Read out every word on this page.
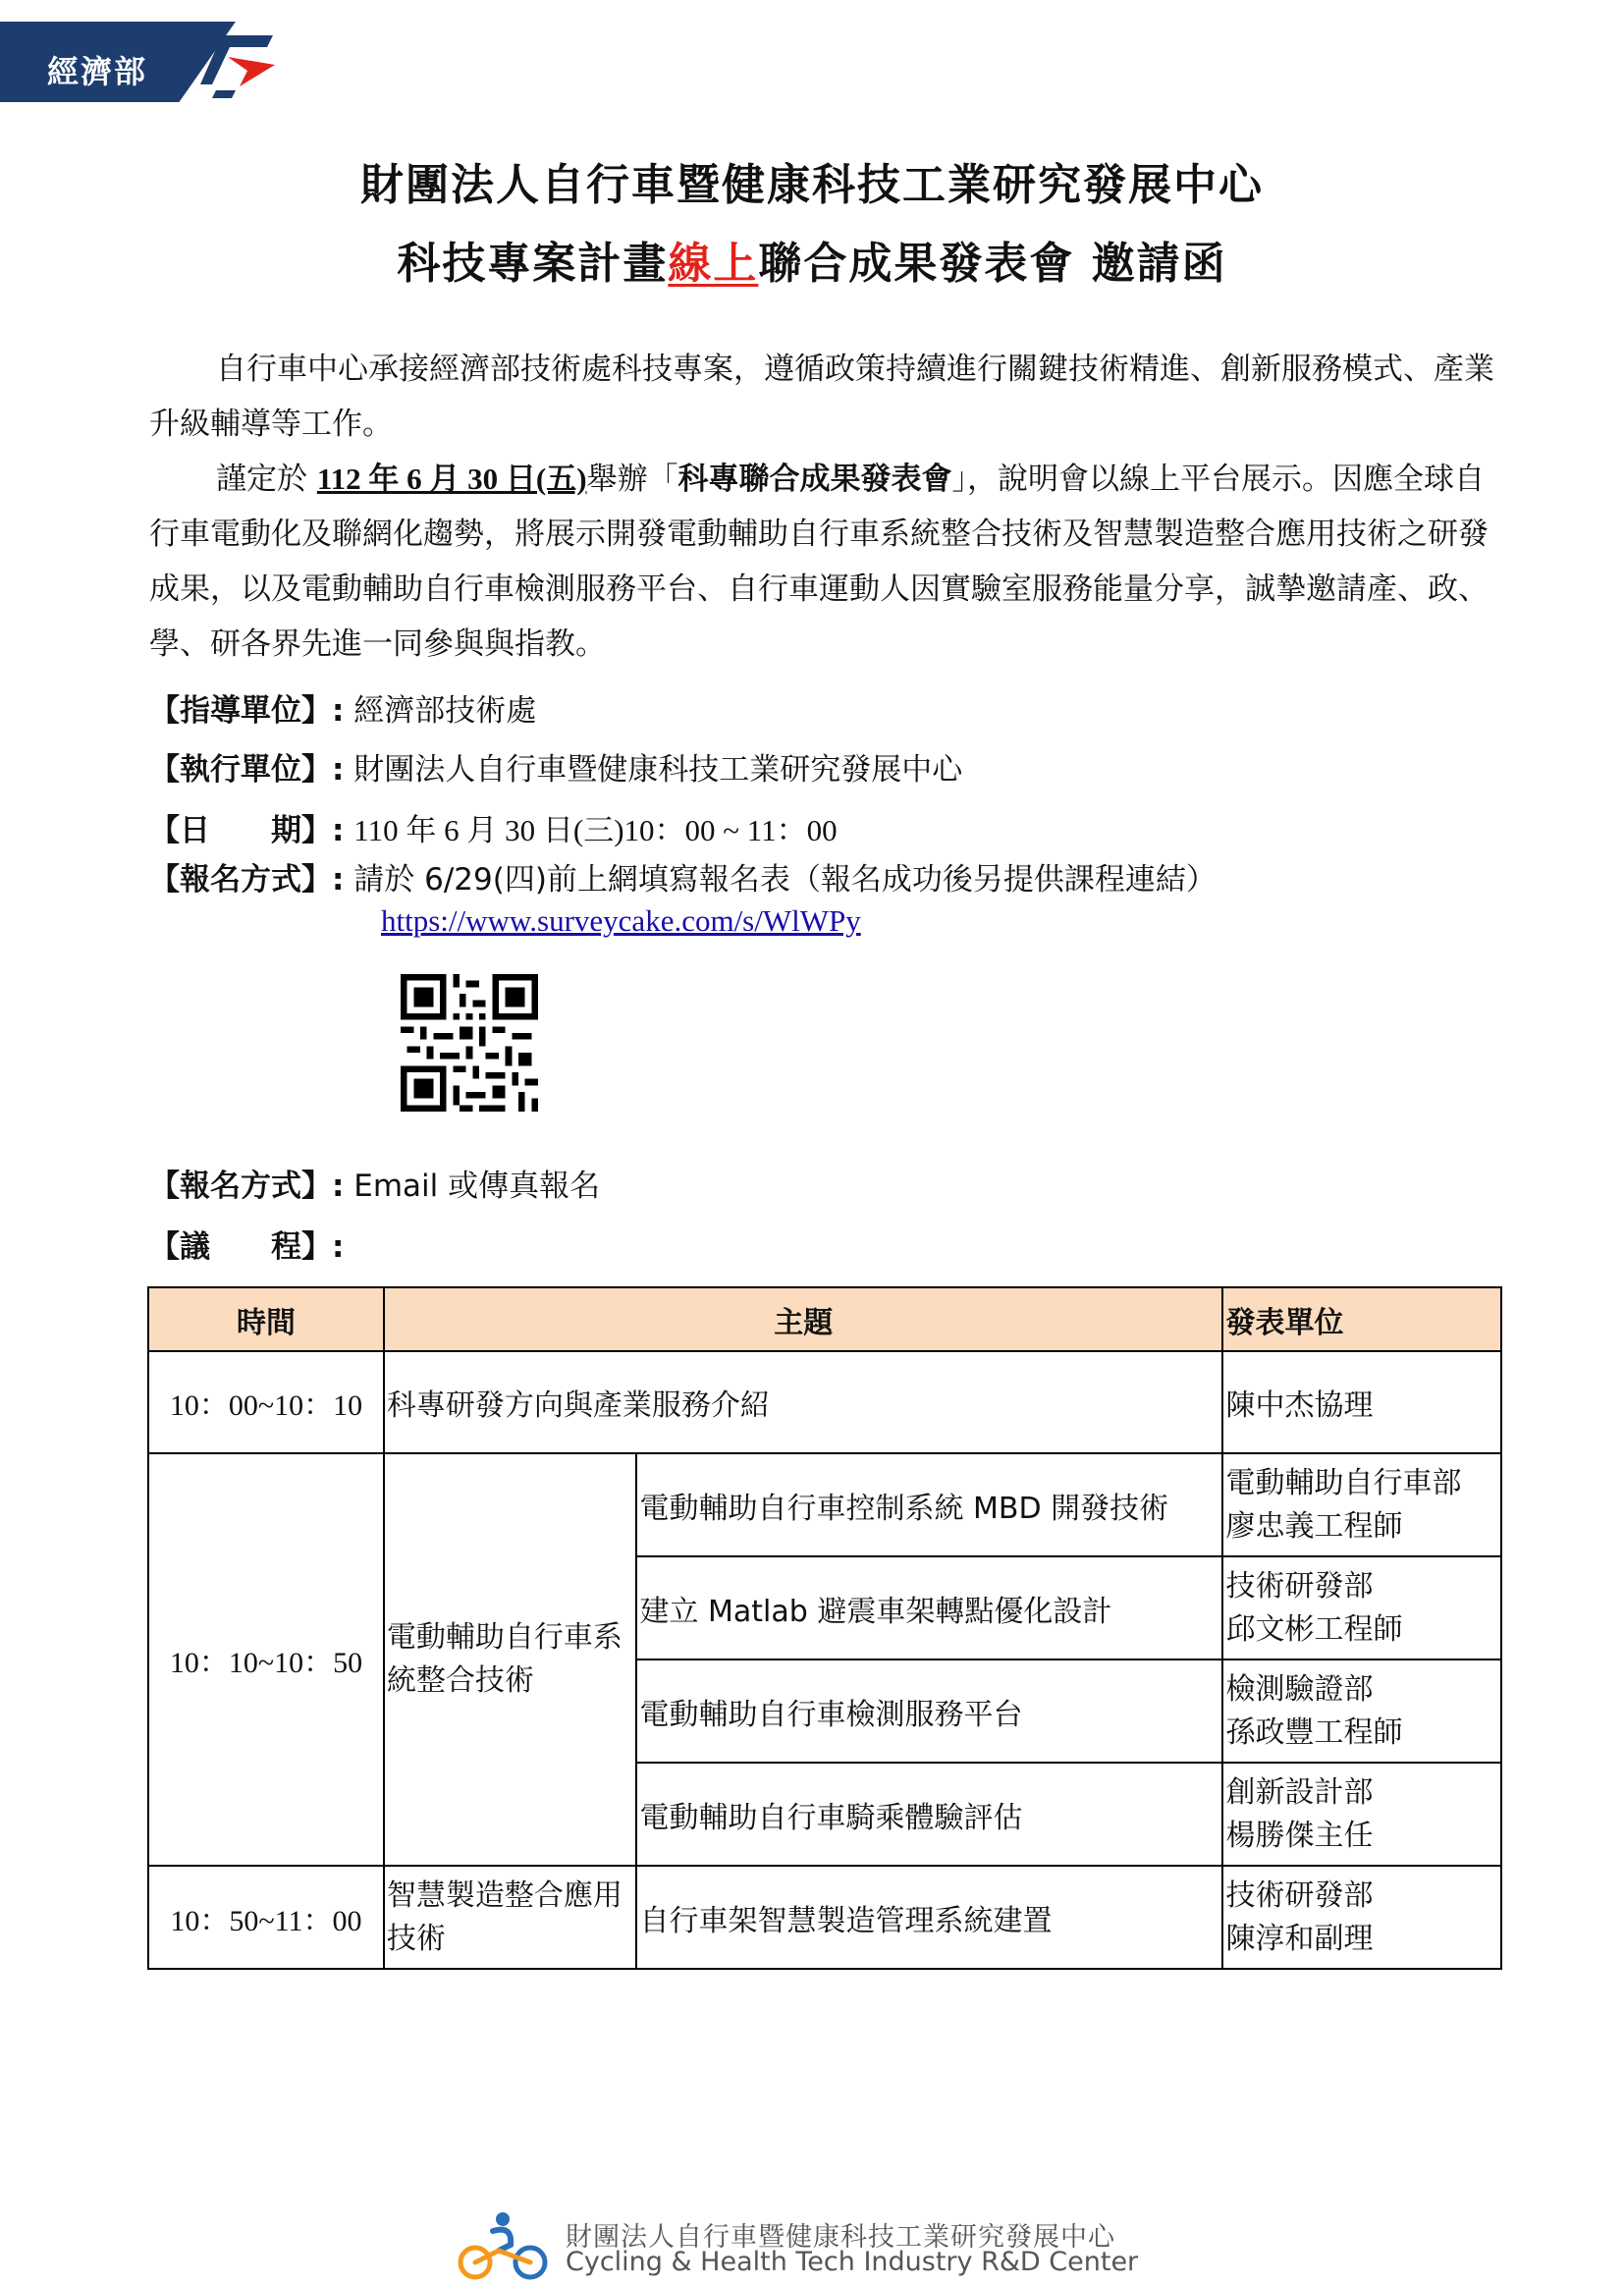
經濟部
財團法人自行車暨健康科技工業研究發展中心
科技專案計畫線上聯合成果發表會 邀請函
自行車中心承接經濟部技術處科技專案，遵循政策持續進行關鍵技術精進、創新服務模式、產業升級輔導等工作。
謹定於 112 年 6 月 30 日(五)舉辦「科專聯合成果發表會」，說明會以線上平台展示。因應全球自行車電動化及聯網化趨勢，將展示開發電動輔助自行車系統整合技術及智慧製造整合應用技術之研發成果，以及電動輔助自行車檢測服務平台、自行車運動人因實驗室服務能量分享，誠摯邀請產、政、學、研各界先進一同參與與指教。
【指導單位】: 經濟部技術處
【執行單位】: 財團法人自行車暨健康科技工業研究發展中心
【日　　期】: 110 年 6 月 30 日(三)10：00 ~ 11：00
【報名方式】: 請於 6/29(四)前上網填寫報名表（報名成功後另提供課程連結）
https://www.surveycake.com/s/WlWPy
【報名方式】: Email 或傳真報名
【議　　程】:
時間	主題		發表單位
10：00~10：10	科專研發方向與產業服務介紹		陳中杰協理
10：10~10：50	電動輔助自行車系統整合技術	電動輔助自行車控制系統 MBD 開發技術	電動輔助自行車部
廖忠義工程師
		建立 Matlab 避震車架轉點優化設計	技術研發部
邱文彬工程師
		電動輔助自行車檢測服務平台	檢測驗證部
孫政豐工程師
		電動輔助自行車騎乘體驗評估	創新設計部
楊勝傑主任
10：50~11：00	智慧製造整合應用技術	自行車架智慧製造管理系統建置	技術研發部
陳淳和副理
財團法人自行車暨健康科技工業研究發展中心
Cycling & Health Tech Industry R&D Center
